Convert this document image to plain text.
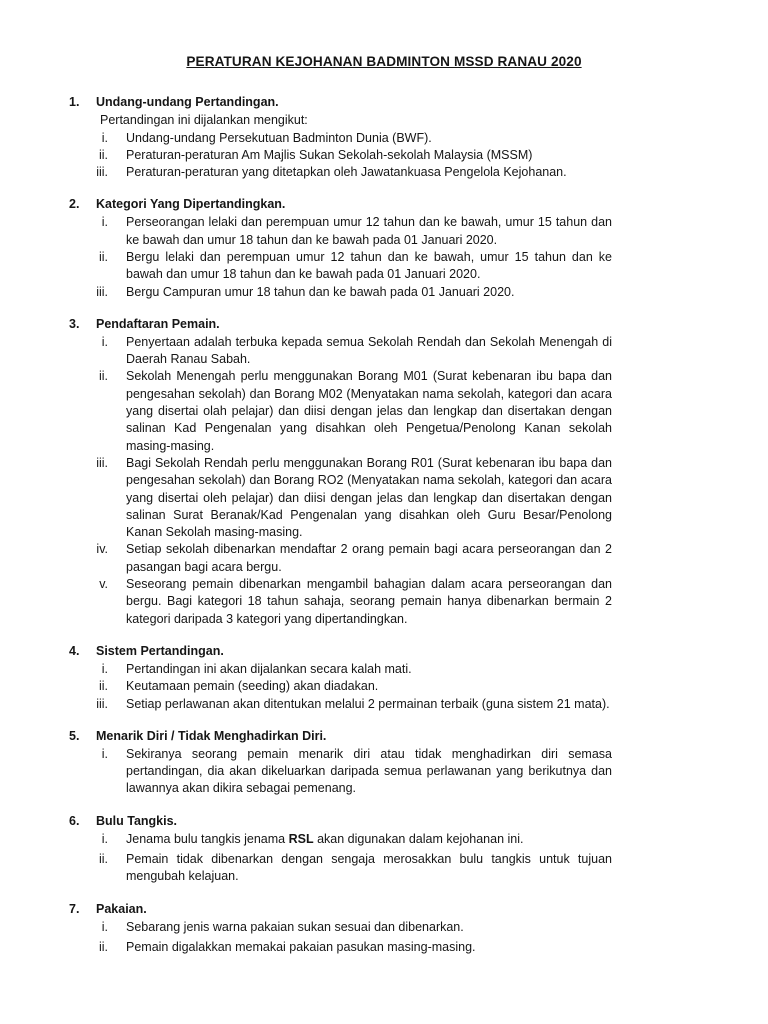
PERATURAN KEJOHANAN BADMINTON MSSD RANAU 2020
1.	Undang-undang Pertandingan.
Pertandingan ini dijalankan mengikut:
i. Undang-undang Persekutuan Badminton Dunia (BWF).
ii. Peraturan-peraturan Am Majlis Sukan Sekolah-sekolah Malaysia (MSSM)
iii. Peraturan-peraturan yang ditetapkan oleh Jawatankuasa Pengelola Kejohanan.
2.	Kategori Yang Dipertandingkan.
i. Perseorangan lelaki dan perempuan umur 12 tahun dan ke bawah, umur 15 tahun dan ke bawah dan umur 18 tahun dan ke bawah pada 01 Januari 2020.
ii. Bergu lelaki dan perempuan umur 12 tahun dan ke bawah, umur 15 tahun dan ke bawah dan umur 18 tahun dan ke bawah pada 01 Januari 2020.
iii. Bergu Campuran umur 18 tahun dan ke bawah pada 01 Januari 2020.
3.	Pendaftaran Pemain.
i. Penyertaan adalah terbuka kepada semua Sekolah Rendah dan Sekolah Menengah di Daerah Ranau Sabah.
ii. Sekolah Menengah perlu menggunakan Borang M01 (Surat kebenaran ibu bapa dan pengesahan sekolah) dan Borang M02 (Menyatakan nama sekolah, kategori dan acara yang disertai olah pelajar) dan diisi dengan jelas dan lengkap dan disertakan dengan salinan Kad Pengenalan yang disahkan oleh Pengetua/Penolong Kanan sekolah masing-masing.
iii. Bagi Sekolah Rendah perlu menggunakan Borang R01 (Surat kebenaran ibu bapa dan pengesahan sekolah) dan Borang RO2 (Menyatakan nama sekolah, kategori dan acara yang disertai oleh pelajar) dan diisi dengan jelas dan lengkap dan disertakan dengan salinan Surat Beranak/Kad Pengenalan yang disahkan oleh Guru Besar/Penolong Kanan Sekolah masing-masing.
iv. Setiap sekolah dibenarkan mendaftar 2 orang pemain bagi acara perseorangan dan 2 pasangan bagi acara bergu.
v. Seseorang pemain dibenarkan mengambil bahagian dalam acara perseorangan dan bergu. Bagi kategori 18 tahun sahaja, seorang pemain hanya dibenarkan bermain 2 kategori daripada 3 kategori yang dipertandingkan.
4.	Sistem Pertandingan.
i. Pertandingan ini akan dijalankan secara kalah mati.
ii. Keutamaan pemain (seeding) akan diadakan.
iii. Setiap perlawanan akan ditentukan melalui 2 permainan terbaik (guna sistem 21 mata).
5.	Menarik Diri / Tidak Menghadirkan Diri.
i. Sekiranya seorang pemain menarik diri atau tidak menghadirkan diri semasa pertandingan, dia akan dikeluarkan daripada semua perlawanan yang berikutnya dan lawannya akan dikira sebagai pemenang.
6.	Bulu Tangkis.
i. Jenama bulu tangkis jenama RSL akan digunakan dalam kejohanan ini.
ii. Pemain tidak dibenarkan dengan sengaja merosakkan bulu tangkis untuk tujuan mengubah kelajuan.
7.	Pakaian.
i. Sebarang jenis warna pakaian sukan sesuai dan dibenarkan.
ii. Pemain digalakkan memakai pakaian pasukan masing-masing.
